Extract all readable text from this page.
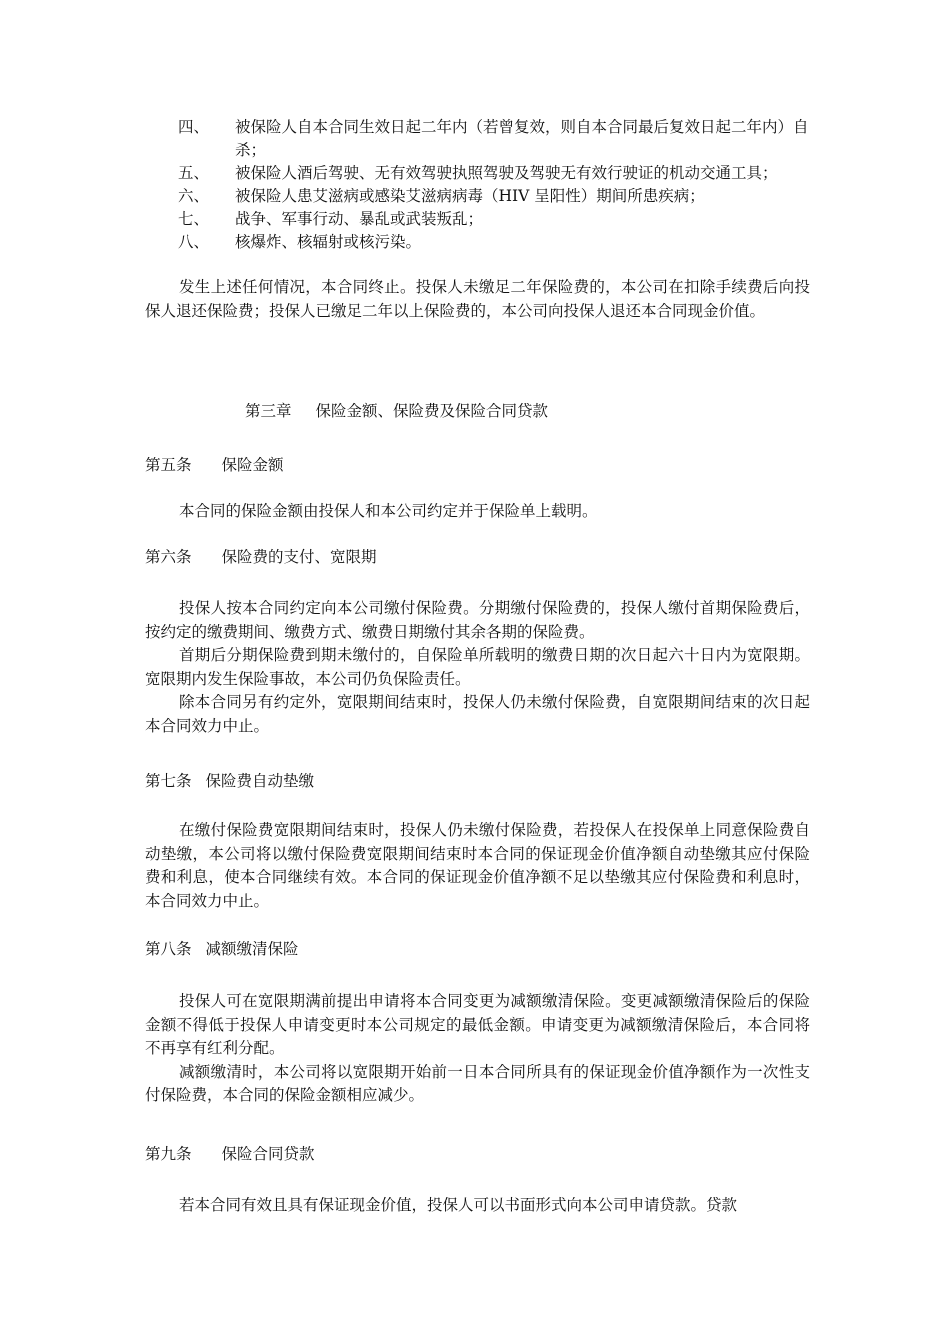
四、 被保险人自本合同生效日起二年内（若曾复效，则自本合同最后复效日起二年内）自杀；
五、 被保险人酒后驾驶、无有效驾驶执照驾驶及驾驶无有效行驶证的机动交通工具；
六、 被保险人患艾滋病或感染艾滋病病毒（HIV 呈阳性）期间所患疾病；
七、 战争、军事行动、暴乱或武装叛乱；
八、 核爆炸、核辐射或核污染。

发生上述任何情况，本合同终止。投保人未缴足二年保险费的，本公司在扣除手续费后向投保人退还保险费；投保人已缴足二年以上保险费的，本公司向投保人退还本合同现金价值。

第三章 保险金额、保险费及保险合同贷款
第五条 保险金额

本合同的保险金额由投保人和本公司约定并于保险单上载明。

第六条 保险费的支付、宽限期

投保人按本合同约定向本公司缴付保险费。分期缴付保险费的，投保人缴付首期保险费后，按约定的缴费期间、缴费方式、缴费日期缴付其余各期的保险费。

首期后分期保险费到期未缴付的，自保险单所载明的缴费日期的次日起六十日内为宽限期。宽限期内发生保险事故，本公司仍负保险责任。

除本合同另有约定外，宽限期间结束时，投保人仍未缴付保险费，自宽限期间结束的次日起本合同效力中止。

第七条 保险费自动垫缴

在缴付保险费宽限期间结束时，投保人仍未缴付保险费，若投保人在投保单上同意保险费自动垫缴，本公司将以缴付保险费宽限期间结束时本合同的保证现金价值净额自动垫缴其应付保险费和利息，使本合同继续有效。本合同的保证现金价值净额不足以垫缴其应付保险费和利息时，本合同效力中止。

第八条 减额缴清保险

投保人可在宽限期满前提出申请将本合同变更为减额缴清保险。变更减额缴清保险后的保险金额不得低于投保人申请变更时本公司规定的最低金额。申请变更为减额缴清保险后，本合同将不再享有红利分配。

减额缴清时，本公司将以宽限期开始前一日本合同所具有的保证现金价值净额作为一次性支付保险费，本合同的保险金额相应减少。

第九条 保险合同贷款

若本合同有效且具有保证现金价值，投保人可以书面形式向本公司申请贷款。贷款
